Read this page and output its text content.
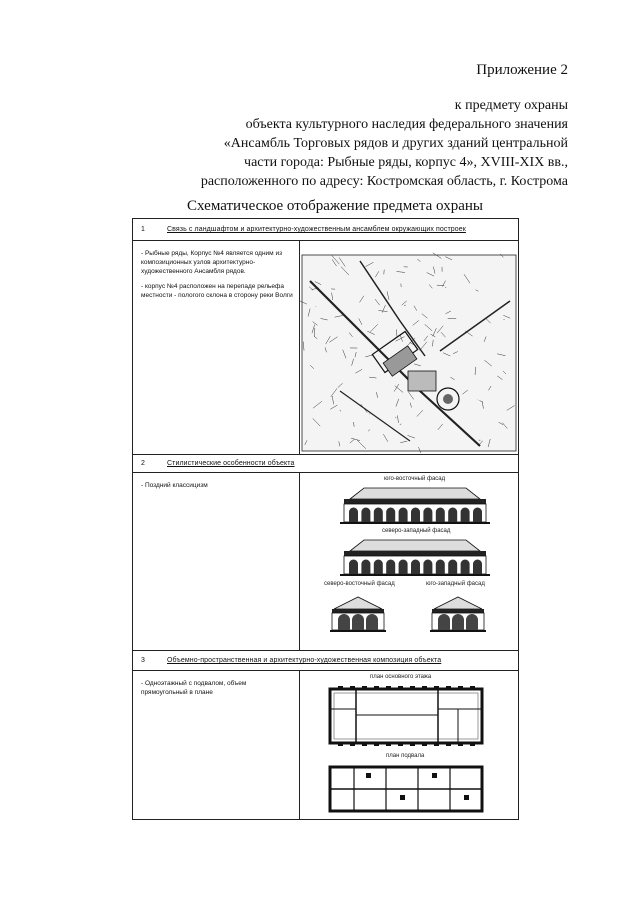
Приложение 2
к предмету охраны
объекта культурного наследия федерального значения
«Ансамбль Торговых рядов и других зданий центральной
части города: Рыбные ряды, корпус 4», XVIII-XIX вв.,
расположенного по адресу: Костромская область, г. Кострома
Схематическое отображение предмета охраны
1	Связь с ландшафтом и архитектурно-художественным ансамблем окружающих построек

- Рыбные ряды, Корпус №4 является одним из композиционных узлов архитектурно-художественного Ансамбля рядов.

- корпус №4 расположен на перепаде рельефа местности - пологого склона в сторону реки Волги

2	Стилистические особенности объекта

- Поздний классицизм

юго-восточный фасад
северо-западный фасад
северо-восточный фасад	юго-западный фасад
3	Объемно-пространственная и архитектурно-художественная композиция объекта

- Одноэтажный с подвалом, объем прямоугольный в плане

план основного этажа
план подвала
